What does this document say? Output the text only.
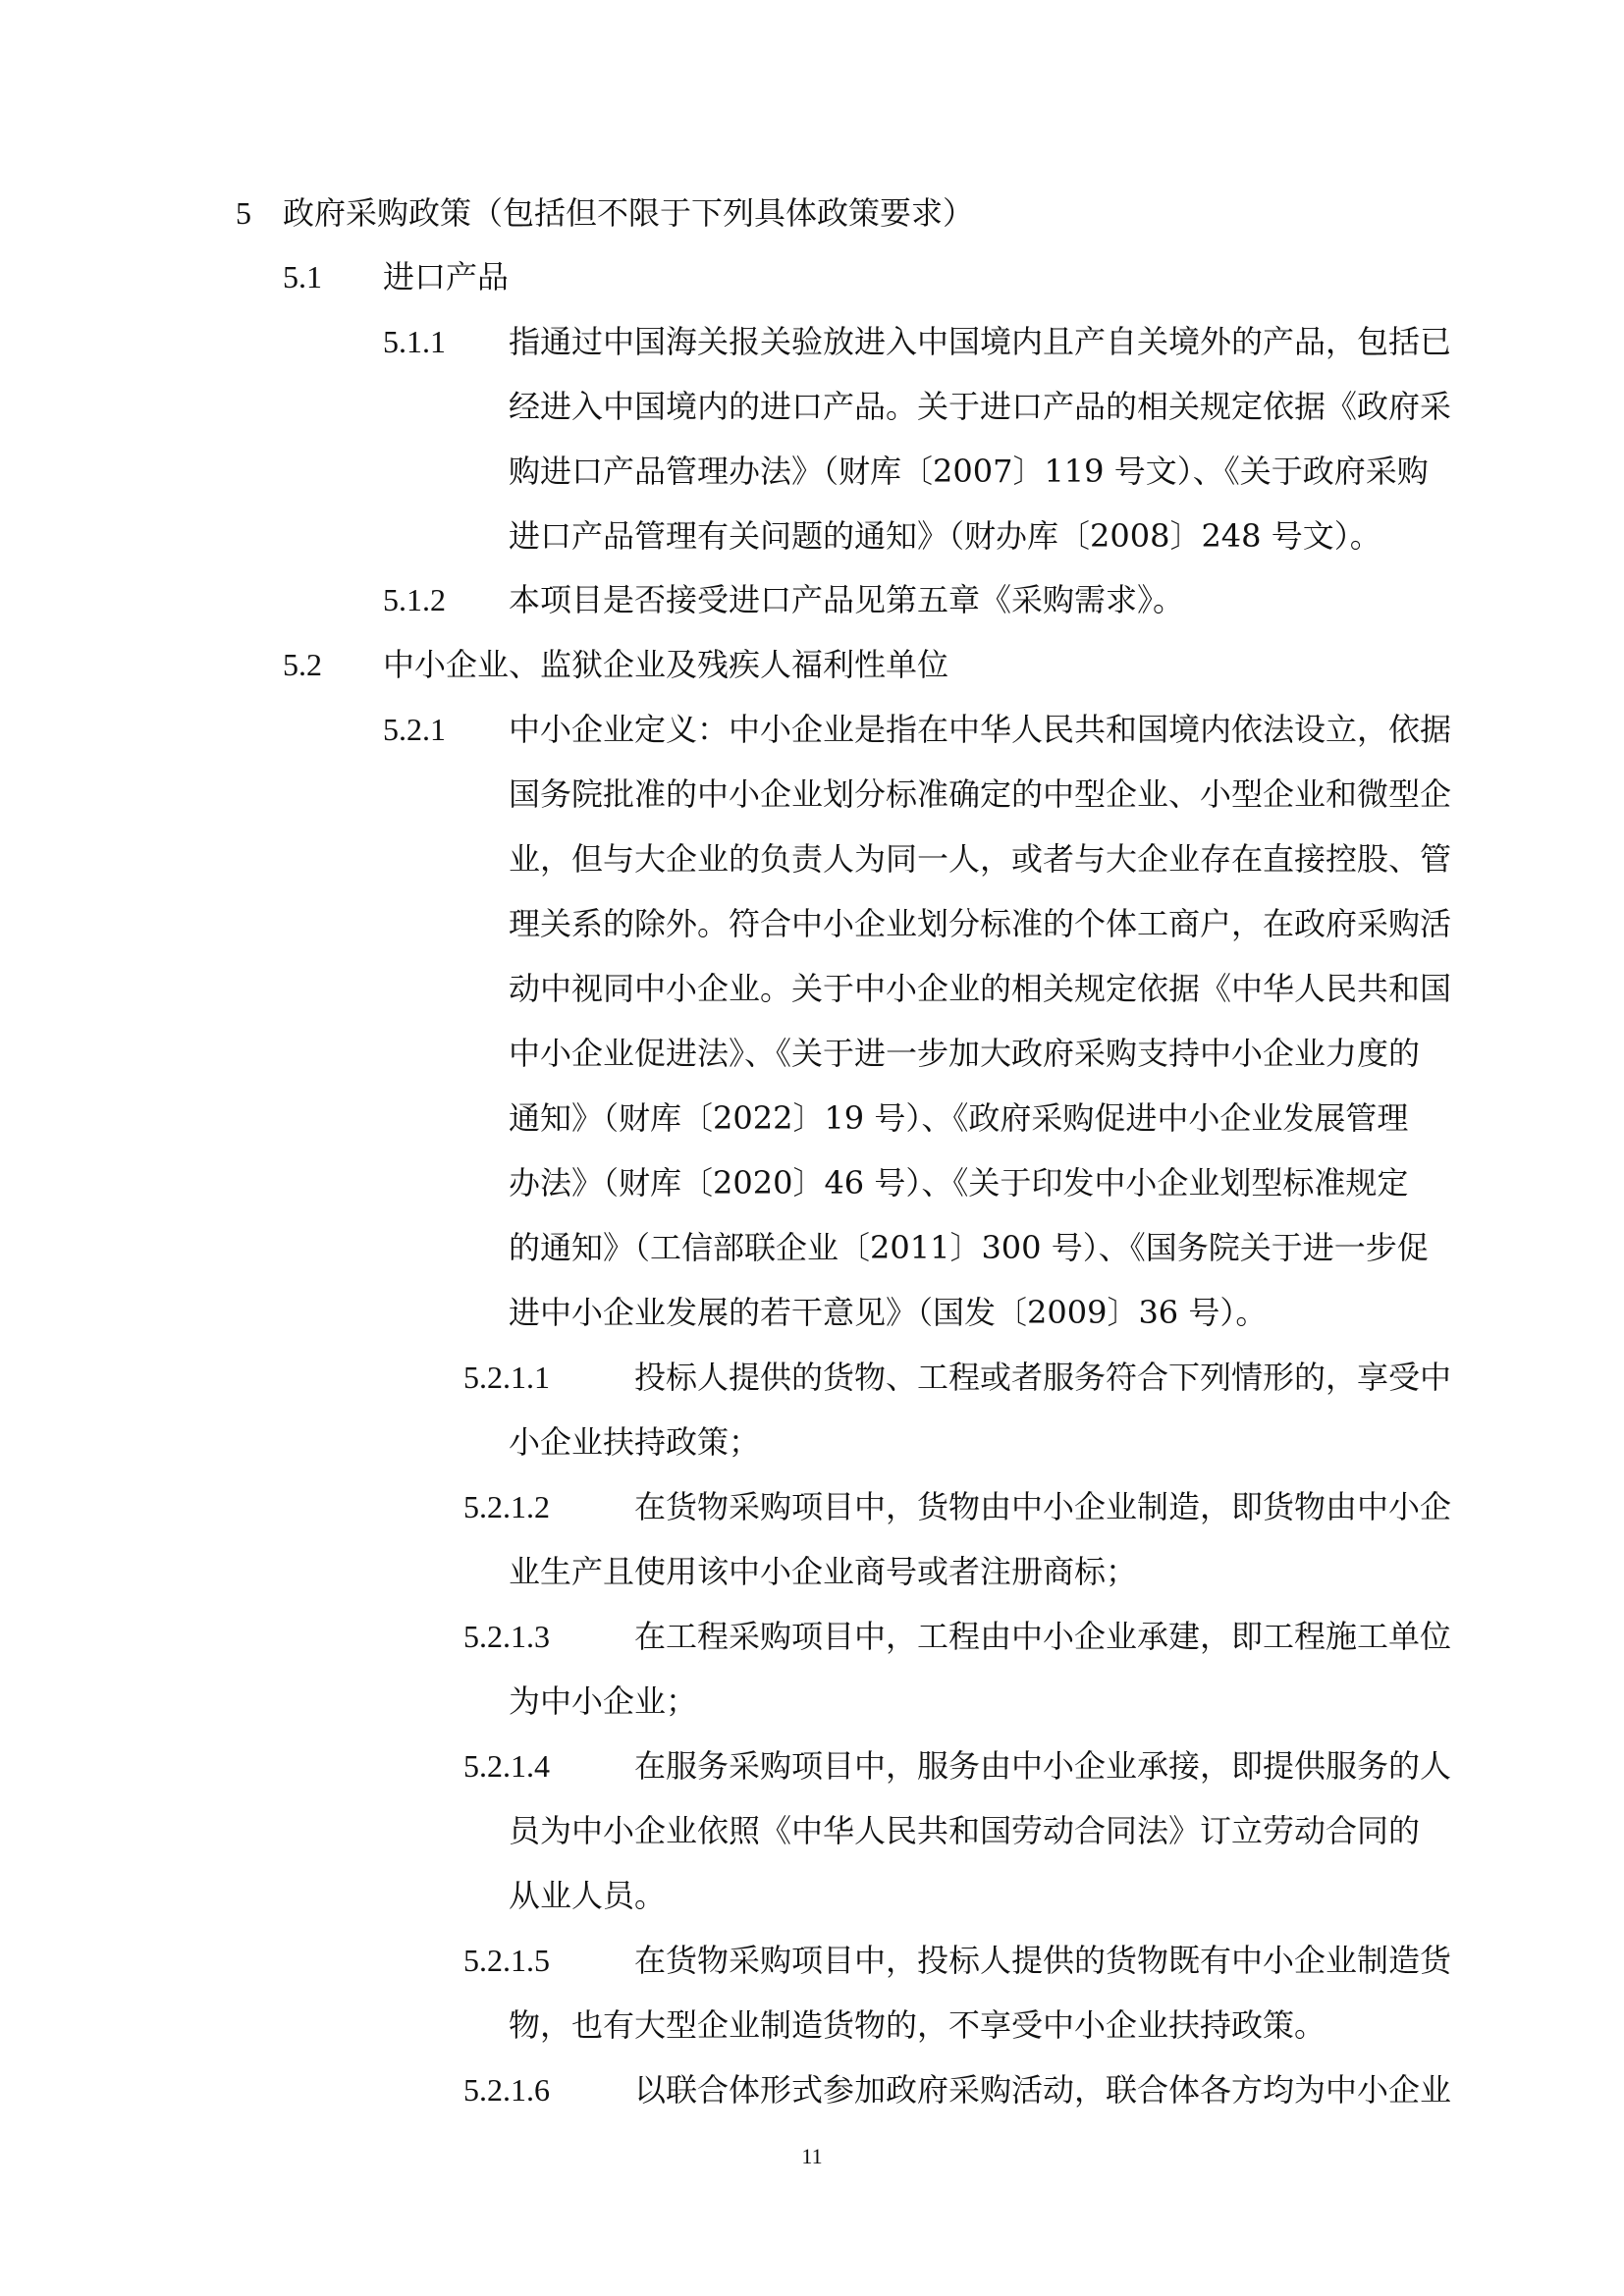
5 政府采购政策（包括但不限于下列具体政策要求）
5.1 进口产品
5.1.1 指通过中国海关报关验放进入中国境内且产自关境外的产品，包括已
经进入中国境内的进口产品。关于进口产品的相关规定依据《政府采
购进口产品管理办法》（财库〔2007〕119 号文）、《关于政府采购
进口产品管理有关问题的通知》（财办库〔2008〕248 号文）。
5.1.2 本项目是否接受进口产品见第五章《采购需求》。
5.2 中小企业、监狱企业及残疾人福利性单位
5.2.1 中小企业定义：中小企业是指在中华人民共和国境内依法设立，依据
国务院批准的中小企业划分标准确定的中型企业、小型企业和微型企
业，但与大企业的负责人为同一人，或者与大企业存在直接控股、管
理关系的除外。符合中小企业划分标准的个体工商户，在政府采购活
动中视同中小企业。关于中小企业的相关规定依据《中华人民共和国
中小企业促进法》、《关于进一步加大政府采购支持中小企业力度的
通知》（财库〔2022〕19 号）、《政府采购促进中小企业发展管理
办法》（财库〔2020〕46 号）、《关于印发中小企业划型标准规定
的通知》（工信部联企业〔2011〕300 号）、《国务院关于进一步促
进中小企业发展的若干意见》（国发〔2009〕36 号）。
5.2.1.1	投标人提供的货物、工程或者服务符合下列情形的，享受中
小企业扶持政策；
5.2.1.2	在货物采购项目中，货物由中小企业制造，即货物由中小企
业生产且使用该中小企业商号或者注册商标；
5.2.1.3	在工程采购项目中，工程由中小企业承建，即工程施工单位
为中小企业；
5.2.1.4	在服务采购项目中，服务由中小企业承接，即提供服务的人
员为中小企业依照《中华人民共和国劳动合同法》订立劳动合同的
从业人员。
5.2.1.5	在货物采购项目中，投标人提供的货物既有中小企业制造货
物，也有大型企业制造货物的，不享受中小企业扶持政策。
5.2.1.6	以联合体形式参加政府采购活动，联合体各方均为中小企业
11
